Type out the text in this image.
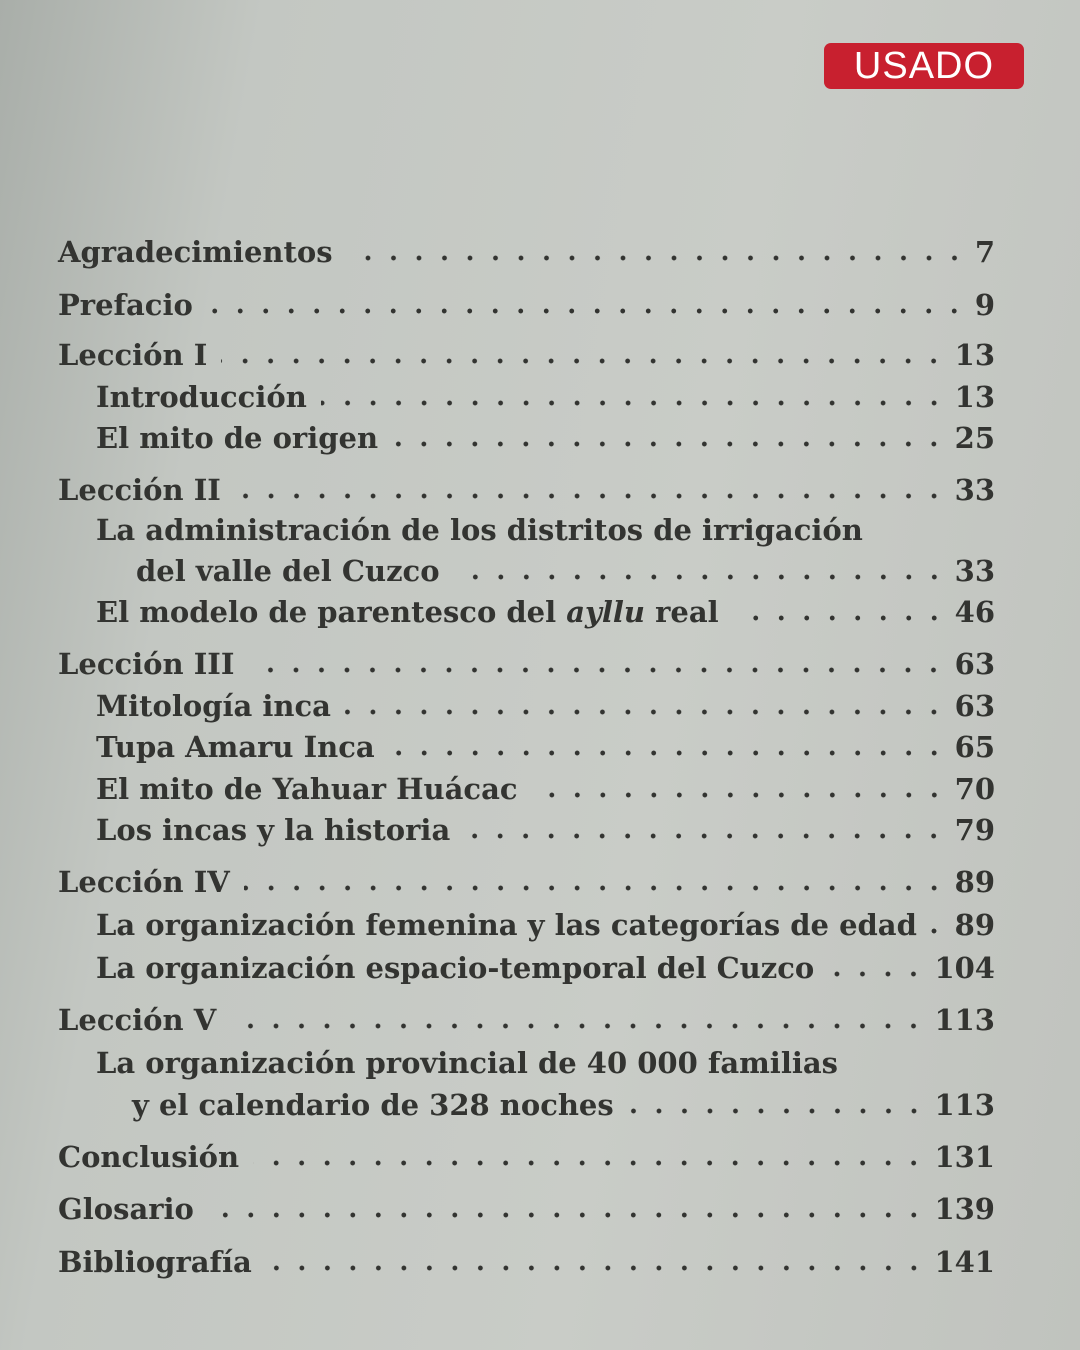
USADO
Agradecimientos	7
Prefacio	9
Lección I	13
Introducción	13
El mito de origen	25
Lección II	33
La administración de los distritos de irrigación
del valle del Cuzco	33
El modelo de parentesco del ayllu real	46
Lección III	63
Mitología inca	63
Tupa Amaru Inca	65
El mito de Yahuar Huácac	70
Los incas y la historia	79
Lección IV	89
La organización femenina y las categorías de edad	89
La organización espacio-temporal del Cuzco	104
Lección V	113
La organización provincial de 40 000 familias
y el calendario de 328 noches	113
Conclusión	131
Glosario	139
Bibliografía	141
